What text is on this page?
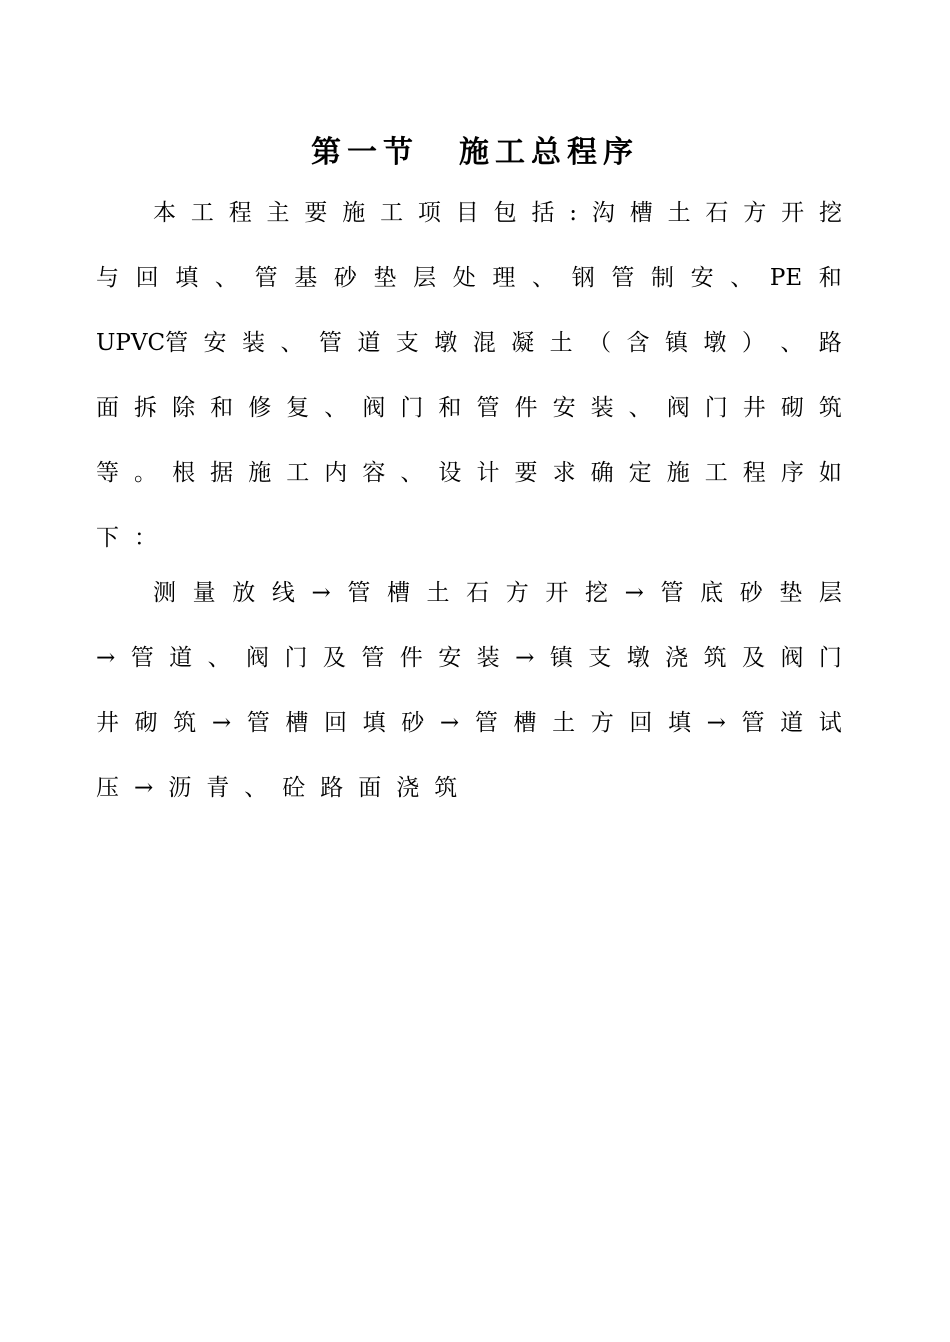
第一节 施工总程序
本 工 程 主 要 施 工 项 目 包 括 : 沟 槽 土 石 方 开 挖
与 回 填 、 管 基 砂 垫 层 处 理 、 钢 管 制 安 、 PE 和
UPVC管 安 装 、 管 道 支 墩 混 凝 土 （ 含 镇 墩 ） 、 路
面 拆 除 和 修 复 、 阀 门 和 管 件 安 装 、 阀 门 井 砌 筑
等 。 根 据 施 工 内 容 、 设 计 要 求 确 定 施 工 程 序 如
下 ：
测 量 放 线 → 管 槽 土 石 方 开 挖 → 管 底 砂 垫 层
→ 管 道 、 阀 门 及 管 件 安 装 → 镇 支 墩 浇 筑 及 阀 门
井 砌 筑 → 管 槽 回 填 砂 → 管 槽 土 方 回 填 → 管 道 试
压 → 沥 青 、 砼 路 面 浇 筑
